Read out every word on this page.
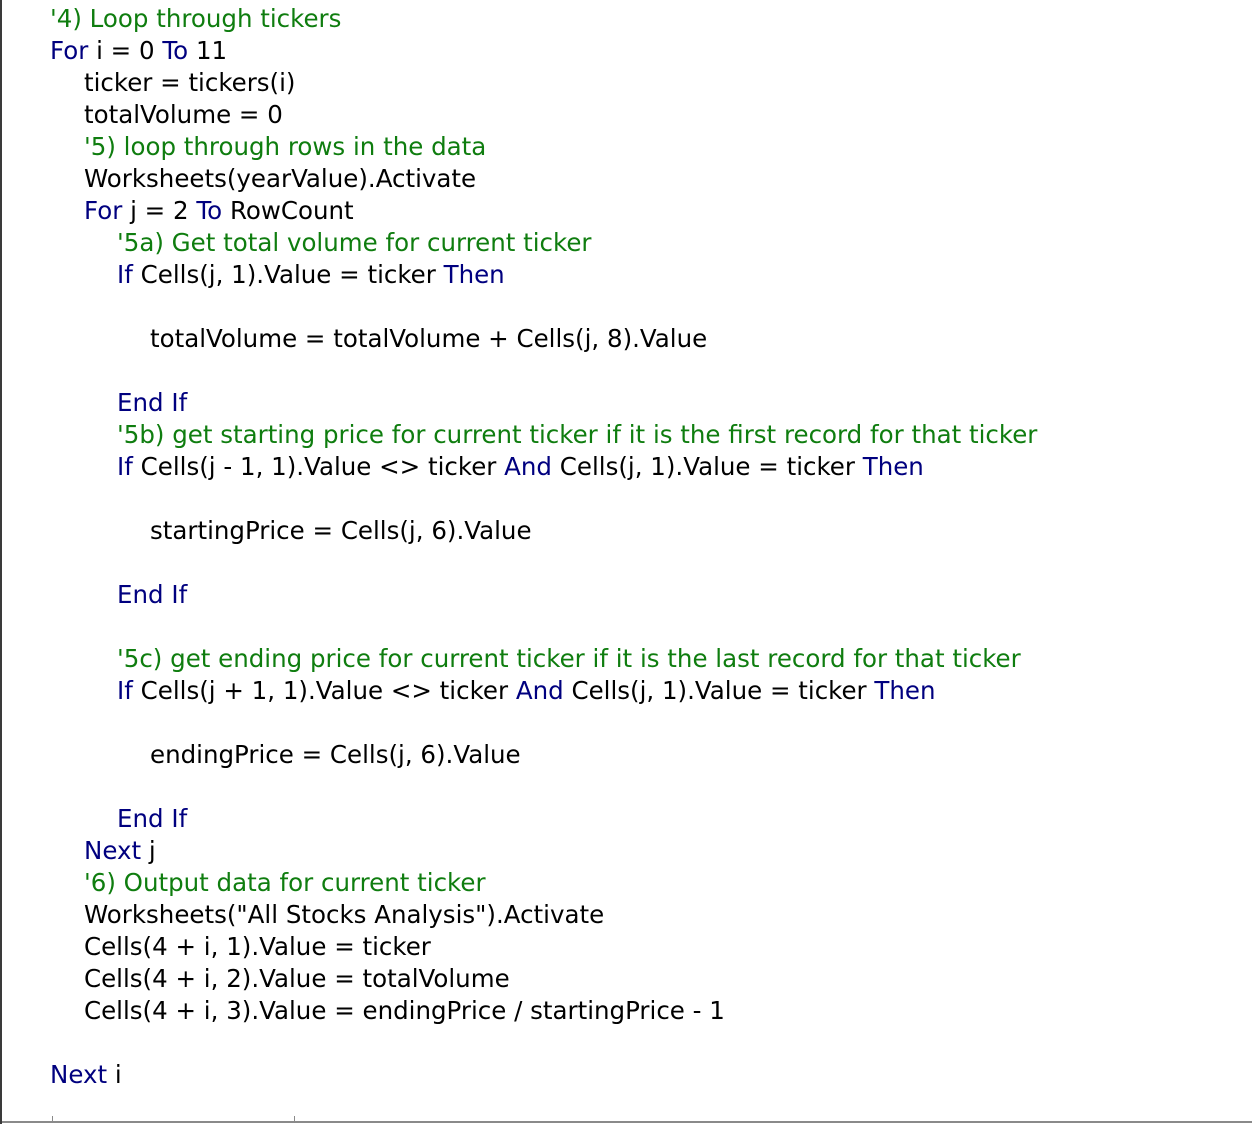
'4) Loop through tickers
For i = 0 To 11
ticker = tickers(i)
totalVolume = 0
'5) loop through rows in the data
Worksheets(yearValue).Activate
For j = 2 To RowCount
'5a) Get total volume for current ticker
If Cells(j, 1).Value = ticker Then
totalVolume = totalVolume + Cells(j, 8).Value
End If
'5b) get starting price for current ticker if it is the first record for that ticker
If Cells(j - 1, 1).Value <> ticker And Cells(j, 1).Value = ticker Then
startingPrice = Cells(j, 6).Value
End If
'5c) get ending price for current ticker if it is the last record for that ticker
If Cells(j + 1, 1).Value <> ticker And Cells(j, 1).Value = ticker Then
endingPrice = Cells(j, 6).Value
End If
Next j
'6) Output data for current ticker
Worksheets("All Stocks Analysis").Activate
Cells(4 + i, 1).Value = ticker
Cells(4 + i, 2).Value = totalVolume
Cells(4 + i, 3).Value = endingPrice / startingPrice - 1
Next i
